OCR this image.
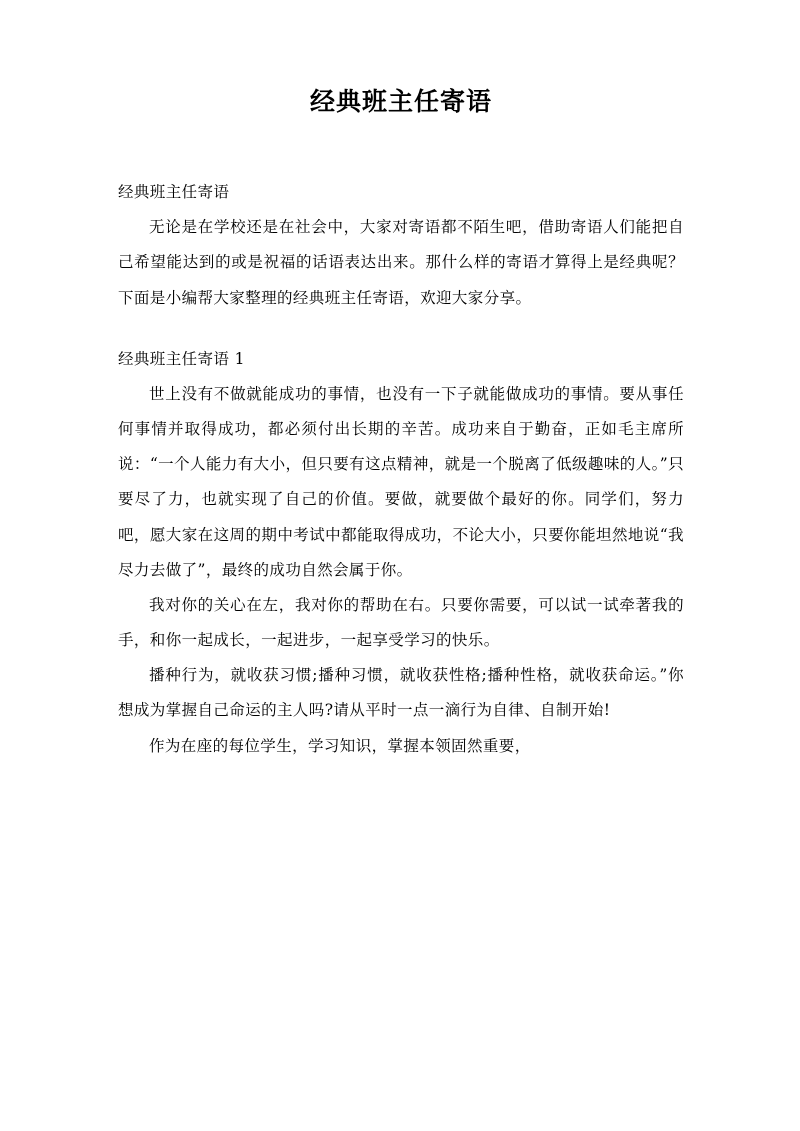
经典班主任寄语

经典班主任寄语

无论是在学校还是在社会中，大家对寄语都不陌生吧，借助寄语人们能把自己希望能达到的或是祝福的话语表达出来。那什么样的寄语才算得上是经典呢？下面是小编帮大家整理的经典班主任寄语，欢迎大家分享。

经典班主任寄语 1

世上没有不做就能成功的事情，也没有一下子就能做成功的事情。要从事任何事情并取得成功，都必须付出长期的辛苦。成功来自于勤奋，正如毛主席所说：“一个人能力有大小，但只要有这点精神，就是一个脱离了低级趣味的人。”只要尽了力，也就实现了自己的价值。要做，就要做个最好的你。同学们，努力吧，愿大家在这周的期中考试中都能取得成功，不论大小，只要你能坦然地说“我尽力去做了”，最终的成功自然会属于你。

我对你的关心在左，我对你的帮助在右。只要你需要，可以试一试牵著我的手，和你一起成长，一起进步，一起享受学习的快乐。

播种行为，就收获习惯;播种习惯，就收获性格;播种性格，就收获命运。”你想成为掌握自己命运的主人吗?请从平时一点一滴行为自律、自制开始!

作为在座的每位学生，学习知识，掌握本领固然重要，
